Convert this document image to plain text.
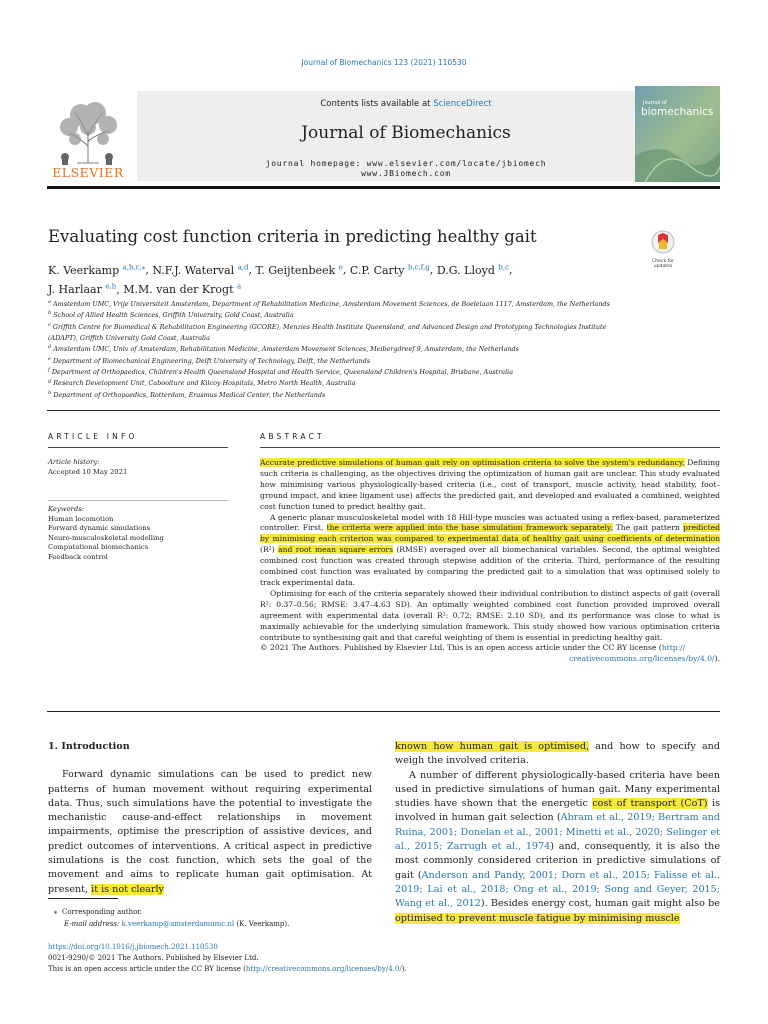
Journal of Biomechanics 123 (2021) 110530
ELSEVIER
Contents lists available at ScienceDirect
Journal of Biomechanics
journal homepage: www.elsevier.com/locate/jbiomech
www.JBiomech.com
Journal of
biomechanics
Evaluating cost function criteria in predicting healthy gait
Check for
updates
K. Veerkamp $^{a,b,c,⁎}$, N.F.J. Waterval $^{a,d}$, T. Geijtenbeek $^e$, C.P. Carty $^{b,c,f,g}$, D.G. Lloyd $^{b,c}$,
J. Harlaar $^{e,h}$, M.M. van der Krogt $^a$
$^a$ Amsterdam UMC, Vrije Universiteit Amsterdam, Department of Rehabilitation Medicine, Amsterdam Movement Sciences, de Boelelaan 1117, Amsterdam, the Netherlands
$^b$ School of Allied Health Sciences, Griffith University, Gold Coast, Australia
$^c$ Griffith Centre for Biomedical & Rehabilitation Engineering (GCORE), Menzies Health Institute Queensland, and Advanced Design and Prototyping Technologies Institute
(ADAPT), Griffith University Gold Coast, Australia
$^d$ Amsterdam UMC, Univ of Amsterdam, Rehabilitation Medicine, Amsterdam Movement Sciences, Meibergdreef 9, Amsterdam, the Netherlands
$^e$ Department of Biomechanical Engineering, Delft University of Technology, Delft, the Netherlands
$^f$ Department of Orthopaedics, Children's Health Queensland Hospital and Health Service, Queensland Children's Hospital, Brisbane, Australia
$^g$ Research Development Unit, Caboolture and Kilcoy Hospitals, Metro North Health, Australia
$^h$ Department of Orthopaedics, Rotterdam, Erasmus Medical Center, the Netherlands
ARTICLE INFO
Article history:
Accepted 10 May 2021
Keywords:
Human locomotion
Forward dynamic simulations
Neuro-musculoskeletal modelling
Computational biomechanics
Feedback control
ABSTRACT

Accurate predictive simulations of human gait rely on optimisation criteria to solve the system's redundancy. Defining such criteria is challenging, as the objectives driving the optimization of human gait are unclear. This study evaluated how minimising various physiologically-based criteria (i.e., cost of transport, muscle activity, head stability, foot–ground impact, and knee ligament use) affects the predicted gait, and developed and evaluated a combined, weighted cost function tuned to predict healthy gait.

A generic planar musculoskeletal model with 18 Hill-type muscles was actuated using a reflex-based, parameterized controller. First, the criteria were applied into the base simulation framework separately. The gait pattern predicted by minimising each criterion was compared to experimental data of healthy gait using coefficients of determination (R²) and root mean square errors (RMSE) averaged over all biomechanical variables. Second, the optimal weighted combined cost function was created through stepwise addition of the criteria. Third, performance of the resulting combined cost function was evaluated by comparing the predicted gait to a simulation that was optimised solely to track experimental data.

Optimising for each of the criteria separately showed their individual contribution to distinct aspects of gait (overall R²: 0.37–0.56; RMSE: 3.47–4.63 SD). An optimally weighted combined cost function provided improved overall agreement with experimental data (overall R²: 0.72; RMSE: 2.10 SD), and its performance was close to what is maximally achievable for the underlying simulation framework. This study showed how various optimisation criteria contribute to synthesising gait and that careful weighting of them is essential in predicting healthy gait.

© 2021 The Authors. Published by Elsevier Ltd. This is an open access article under the CC BY license (http://

creativecommons.org/licenses/by/4.0/).
1. Introduction

Forward dynamic simulations can be used to predict new patterns of human movement without requiring experimental data. Thus, such simulations have the potential to investigate the mechanistic cause-and-effect relationships in movement impairments, optimise the prescription of assistive devices, and predict outcomes of interventions. A critical aspect in predictive simulations is the cost function, which sets the goal of the movement and aims to replicate human gait optimisation. At present, it is not clearly

known how human gait is optimised, and how to specify and weigh the involved criteria.

A number of different physiologically-based criteria have been used in predictive simulations of human gait. Many experimental studies have shown that the energetic cost of transport (CoT) is involved in human gait selection (Abram et al., 2019; Bertram and Ruina, 2001; Donelan et al., 2001; Minetti et al., 2020; Selinger et al., 2015; Zarrugh et al., 1974) and, consequently, it is also the most commonly considered criterion in predictive simulations of gait (Anderson and Pandy, 2001; Dorn et al., 2015; Falisse et al., 2019; Lai et al., 2018; Ong et al., 2019; Song and Geyer, 2015; Wang et al., 2012). Besides energy cost, human gait might also be optimised to prevent muscle fatigue by minimising muscle

⁎ Corresponding author.
E-mail address: k.veerkamp@amsterdamumc.nl (K. Veerkamp).
https://doi.org/10.1016/j.jbiomech.2021.110530
0021-9290/© 2021 The Authors. Published by Elsevier Ltd.
This is an open access article under the CC BY license (http://creativecommons.org/licenses/by/4.0/).
